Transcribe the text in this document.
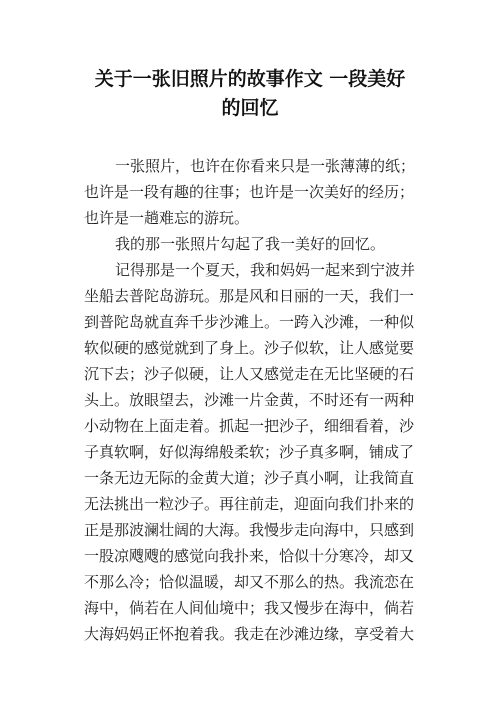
关于一张旧照片的故事作文 一段美好
的回忆
一张照片，也许在你看来只是一张薄薄的纸；
也许是一段有趣的往事；也许是一次美好的经历；
也许是一趟难忘的游玩。
我的那一张照片勾起了我一美好的回忆。
记得那是一个夏天，我和妈妈一起来到宁波并
坐船去普陀岛游玩。那是风和日丽的一天，我们一
到普陀岛就直奔千步沙滩上。一跨入沙滩，一种似
软似硬的感觉就到了身上。沙子似软，让人感觉要
沉下去；沙子似硬，让人又感觉走在无比坚硬的石
头上。放眼望去，沙滩一片金黄，不时还有一两种
小动物在上面走着。抓起一把沙子，细细看着，沙
子真软啊，好似海绵般柔软；沙子真多啊，铺成了
一条无边无际的金黄大道；沙子真小啊，让我简直
无法挑出一粒沙子。再往前走，迎面向我们扑来的
正是那波澜壮阔的大海。我慢步走向海中，只感到
一股凉飕飕的感觉向我扑来，恰似十分寒冷，却又
不那么冷；恰似温暖，却又不那么的热。我流恋在
海中，倘若在人间仙境中；我又慢步在海中，倘若
大海妈妈正怀抱着我。我走在沙滩边缘，享受着大
